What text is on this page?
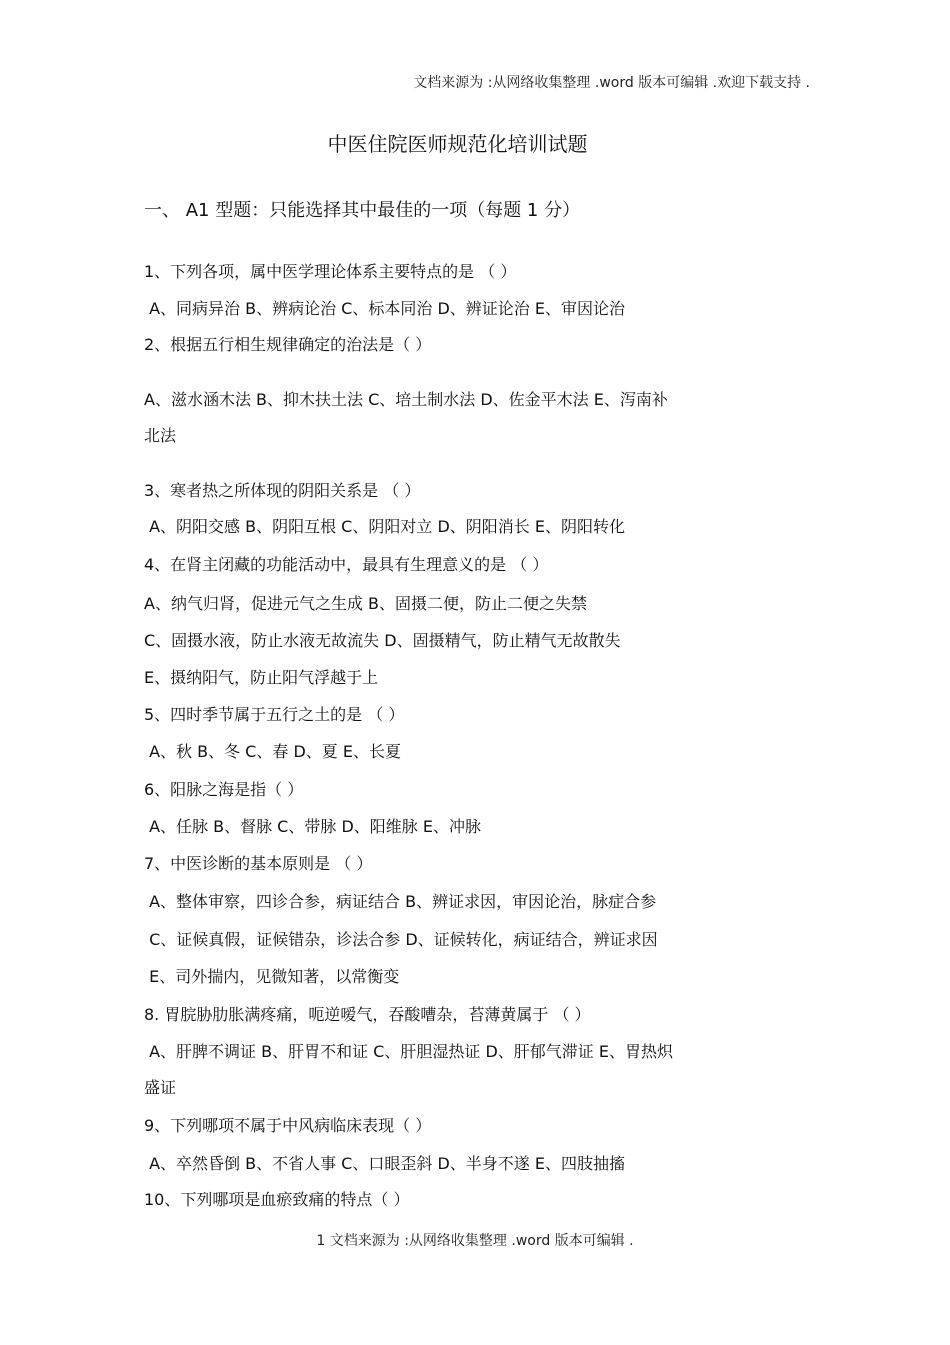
文档来源为 :从网络收集整理 .word 版本可编辑 .欢迎下载支持 .
中医住院医师规范化培训试题
一、 A1 型题：只能选择其中最佳的一项（每题 1 分）
1、下列各项，属中医学理论体系主要特点的是 （ ）
A、同病异治 B、辨病论治 C、标本同治 D、辨证论治 E、审因论治
2、根据五行相生规律确定的治法是（ ）
A、滋水涵木法 B、抑木扶土法 C、培土制水法 D、佐金平木法 E、泻南补
北法
3、寒者热之所体现的阴阳关系是 （ ）
A、阴阳交感 B、阴阳互根 C、阴阳对立 D、阴阳消长 E、阴阳转化
4、在肾主闭藏的功能活动中，最具有生理意义的是 （ ）
A、纳气归肾，促进元气之生成 B、固摄二便，防止二便之失禁
C、固摄水液，防止水液无故流失 D、固摄精气，防止精气无故散失
E、摄纳阳气，防止阳气浮越于上
5、四时季节属于五行之土的是 （ ）
A、秋 B、冬 C、春 D、夏 E、长夏
6、阳脉之海是指（ ）
A、任脉 B、督脉 C、带脉 D、阳维脉 E、冲脉
7、中医诊断的基本原则是 （ ）
A、整体审察，四诊合参，病证结合 B、辨证求因，审因论治，脉症合参
C、证候真假，证候错杂，诊法合参 D、证候转化，病证结合，辨证求因
E、司外揣内，见微知著，以常衡变
8. 胃脘胁肋胀满疼痛，呃逆嗳气，吞酸嘈杂，苔薄黄属于 （ ）
A、肝脾不调证 B、肝胃不和证 C、肝胆湿热证 D、肝郁气滞证 E、胃热炽
盛证
9、下列哪项不属于中风病临床表现（ ）
A、卒然昏倒 B、不省人事 C、口眼歪斜 D、半身不遂 E、四肢抽搐
10、下列哪项是血瘀致痛的特点（ ）
1 文档来源为 :从网络收集整理 .word 版本可编辑 .
